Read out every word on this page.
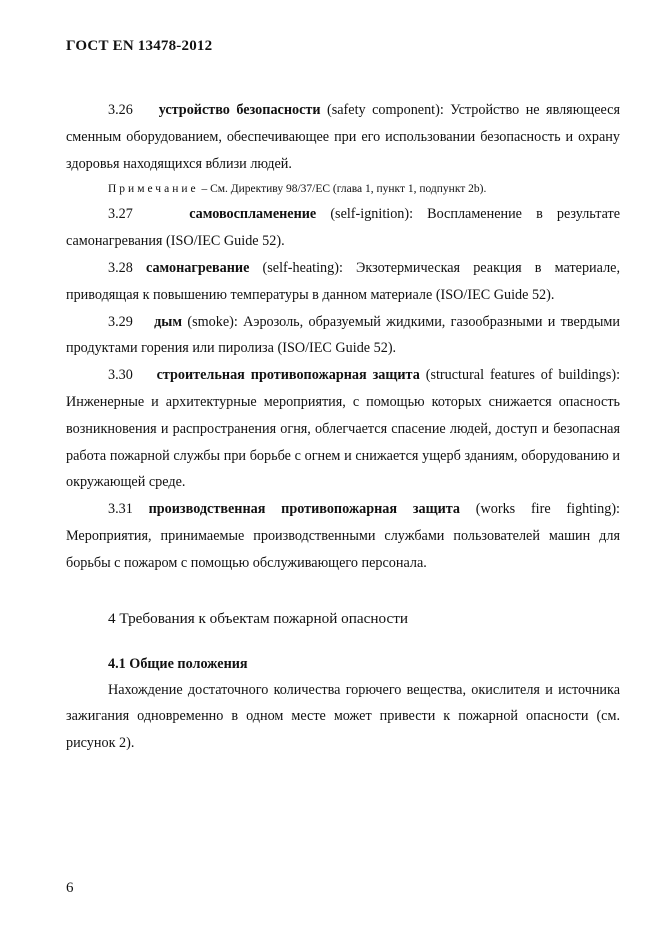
ГОСТ EN 13478-2012

3.26 устройство безопасности (safety component): Устройство не являющееся сменным оборудованием, обеспечивающее при его использовании безопасность и охрану здоровья находящихся вблизи людей.

Примечание – См. Директиву 98/37/EC (глава 1, пункт 1, подпункт 2b).

3.27	самовоспламенение (self-ignition): Воспламенение в результате самонагревания (ISO/IEC Guide 52).

3.28 самонагревание (self-heating): Экзотермическая реакция в материале, приводящая к повышению температуры в данном материале (ISO/IEC Guide 52).

3.29 дым (smoke): Аэрозоль, образуемый жидкими, газообразными и твердыми продуктами горения или пиролиза (ISO/IEC Guide 52).

3.30 строительная противопожарная защита (structural features of buildings): Инженерные и архитектурные мероприятия, с помощью которых снижается опасность возникновения и распространения огня, облегчается спасение людей, доступ и безопасная работа пожарной службы при борьбе с огнем и снижается ущерб зданиям, оборудованию и окружающей среде.

3.31 производственная противопожарная защита (works fire fighting): Мероприятия, принимаемые производственными службами пользователей машин для борьбы с пожаром с помощью обслуживающего персонала.

4 Требования к объектам пожарной опасности

4.1 Общие положения

Нахождение достаточного количества горючего вещества, окислителя и источника зажигания одновременно в одном месте может привести к пожарной опасности (см. рисунок 2).

6
